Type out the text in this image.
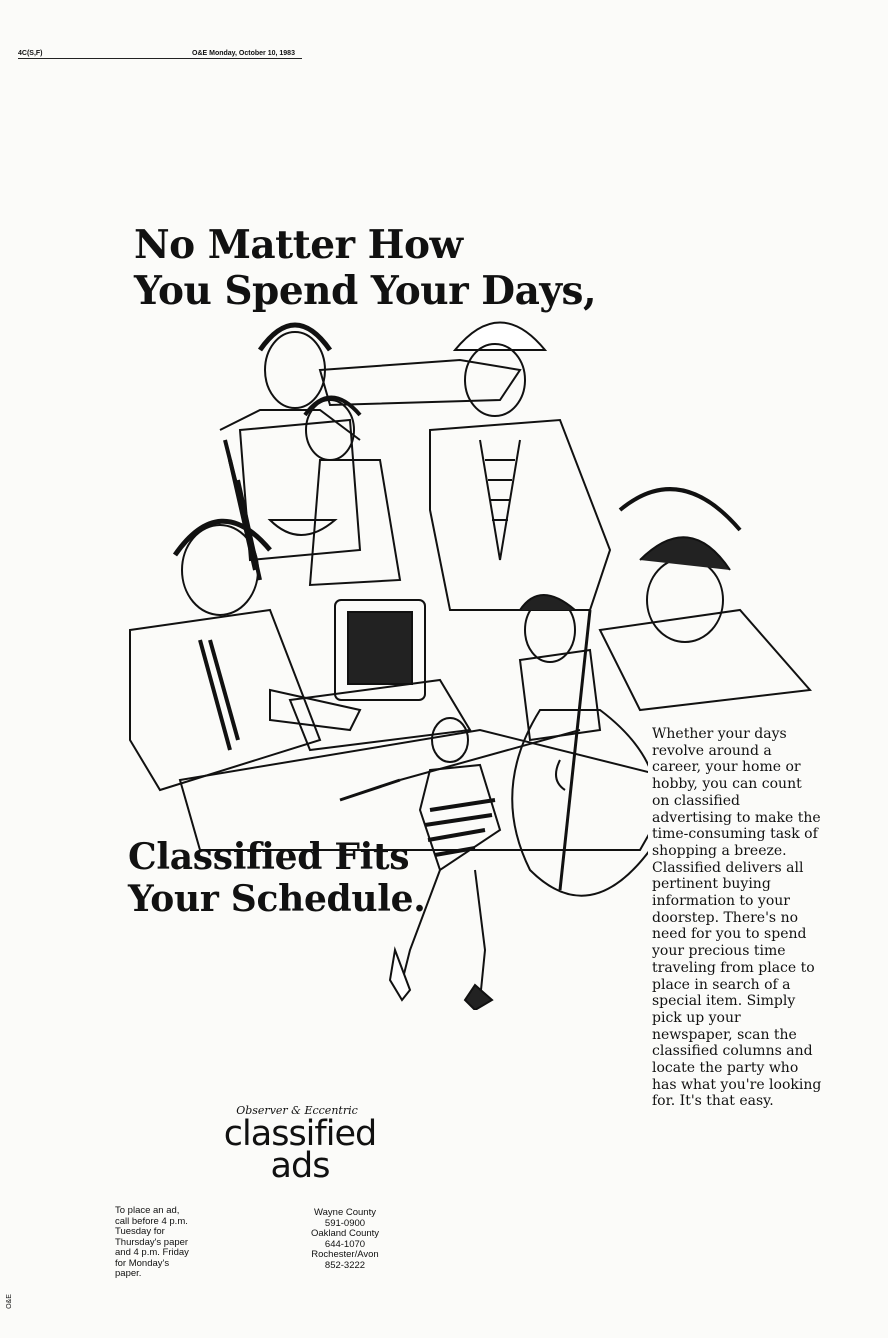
4C(S,F)	O&E Monday, October 10, 1983
No Matter How
You Spend Your Days,
Classified Fits
Your Schedule.
Whether your days revolve around a career, your home or hobby, you can count on classified advertising to make the time-consuming task of shopping a breeze. Classified delivers all pertinent buying information to your doorstep. There's no need for you to spend your precious time traveling from place to place in search of a special item. Simply pick up your newspaper, scan the classified columns and locate the party who has what you're looking for. It's that easy.
Observer & Eccentric
classified
ads
To place an ad,
call before 4 p.m.
Tuesday for
Thursday's paper
and 4 p.m. Friday
for Monday's
paper.
Wayne County
591-0900
Oakland County
644-1070
Rochester/Avon
852-3222
O&E
